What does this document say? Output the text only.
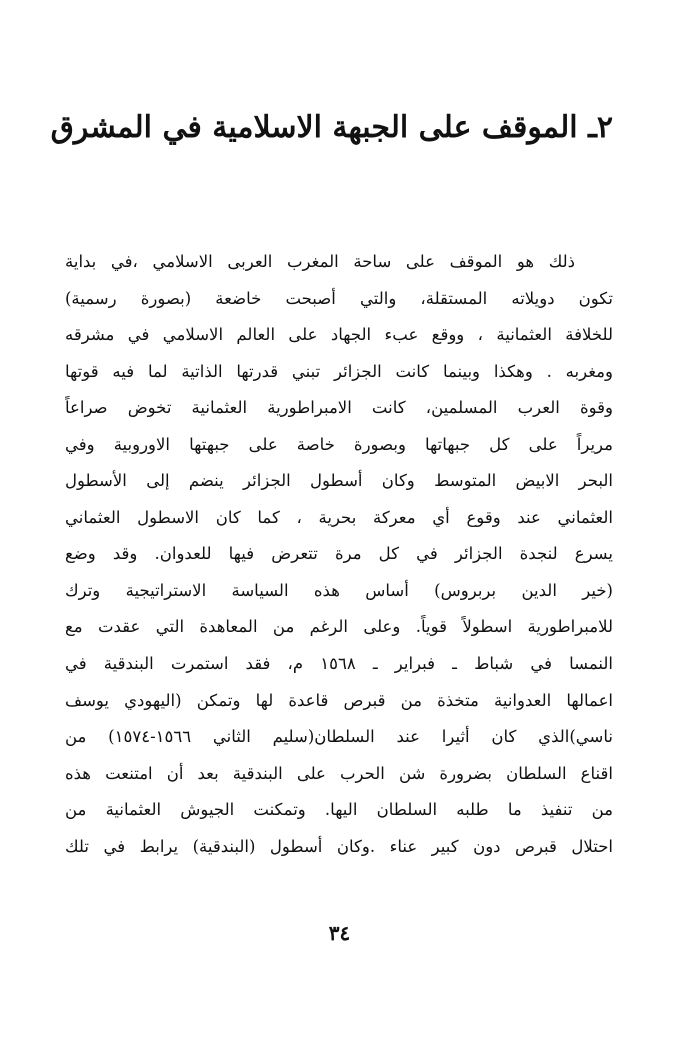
٢ـ الموقف على الجبهة الاسلامية في المشرق
ذلك هو الموقف على ساحة المغرب العربى الاسلامي ،في بداية
تكون دويلاته المستقلة، والتي أصبحت خاضعة (بصورة رسمية)
للخلافة العثمانية ، ووقع عبء الجهاد على العالم الاسلامي في مشرقه
ومغربه . وهكذا وبينما كانت الجزائر تبني قدرتها الذاتية لما فيه قوتها
وقوة العرب المسلمين، كانت الامبراطورية العثمانية تخوض صراعاً
مريراً على كل جبهاتها وبصورة خاصة على جبهتها الاوروبية وفي
البحر الابيض المتوسط وكان أسطول الجزائر ينضم إلى الأسطول
العثماني عند وقوع أي معركة بحرية ، كما كان الاسطول العثماني
يسرع لنجدة الجزائر في كل مرة تتعرض فيها للعدوان. وقد وضع
(خير الدين بربروس) أساس هذه السياسة الاستراتيجية وترك
للامبراطورية اسطولاً قوياً. وعلى الرغم من المعاهدة التي عقدت مع
النمسا في شباط ـ فبراير ـ ١٥٦٨ م، فقد استمرت البندقية في
اعمالها العدوانية متخذة من قبرص قاعدة لها وتمكن (اليهودي يوسف
ناسي)الذي كان أثيرا عند السلطان(سليم الثاني ١٥٦٦-١٥٧٤) من
اقناع السلطان بضرورة شن الحرب على البندقية بعد أن امتنعت هذه
من تنفيذ ما طلبه السلطان اليها. وتمكنت الجيوش العثمانية من
احتلال قبرص دون كبير عناء .وكان أسطول (البندقية) يرابط في تلك
٣٤
